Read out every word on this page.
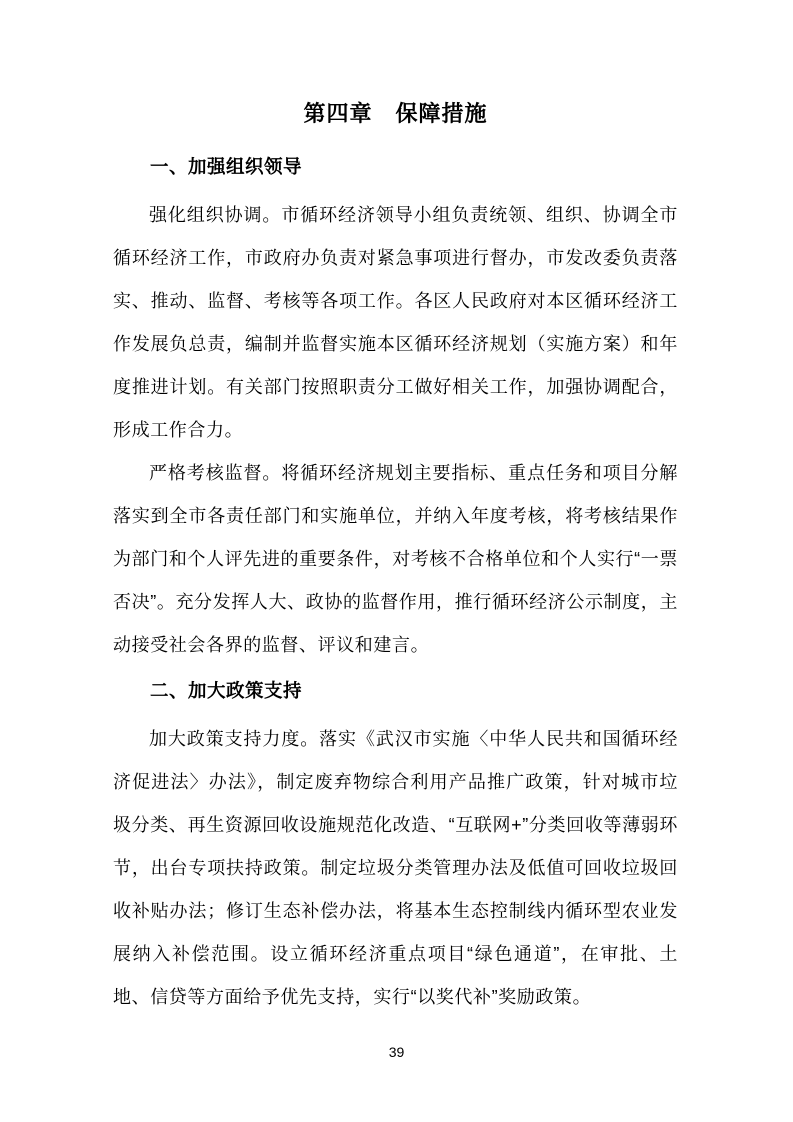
第四章　保障措施
一、加强组织领导

强化组织协调。市循环经济领导小组负责统领、组织、协调全市循环经济工作，市政府办负责对紧急事项进行督办，市发改委负责落实、推动、监督、考核等各项工作。各区人民政府对本区循环经济工作发展负总责，编制并监督实施本区循环经济规划（实施方案）和年度推进计划。有关部门按照职责分工做好相关工作，加强协调配合，形成工作合力。

严格考核监督。将循环经济规划主要指标、重点任务和项目分解落实到全市各责任部门和实施单位，并纳入年度考核，将考核结果作为部门和个人评先进的重要条件，对考核不合格单位和个人实行“一票否决”。充分发挥人大、政协的监督作用，推行循环经济公示制度，主动接受社会各界的监督、评议和建言。

二、加大政策支持

加大政策支持力度。落实《武汉市实施〈中华人民共和国循环经济促进法〉办法》，制定废弃物综合利用产品推广政策，针对城市垃圾分类、再生资源回收设施规范化改造、“互联网+”分类回收等薄弱环节，出台专项扶持政策。制定垃圾分类管理办法及低值可回收垃圾回收补贴办法；修订生态补偿办法，将基本生态控制线内循环型农业发展纳入补偿范围。设立循环经济重点项目“绿色通道”，在审批、土地、信贷等方面给予优先支持，实行“以奖代补”奖励政策。

39
